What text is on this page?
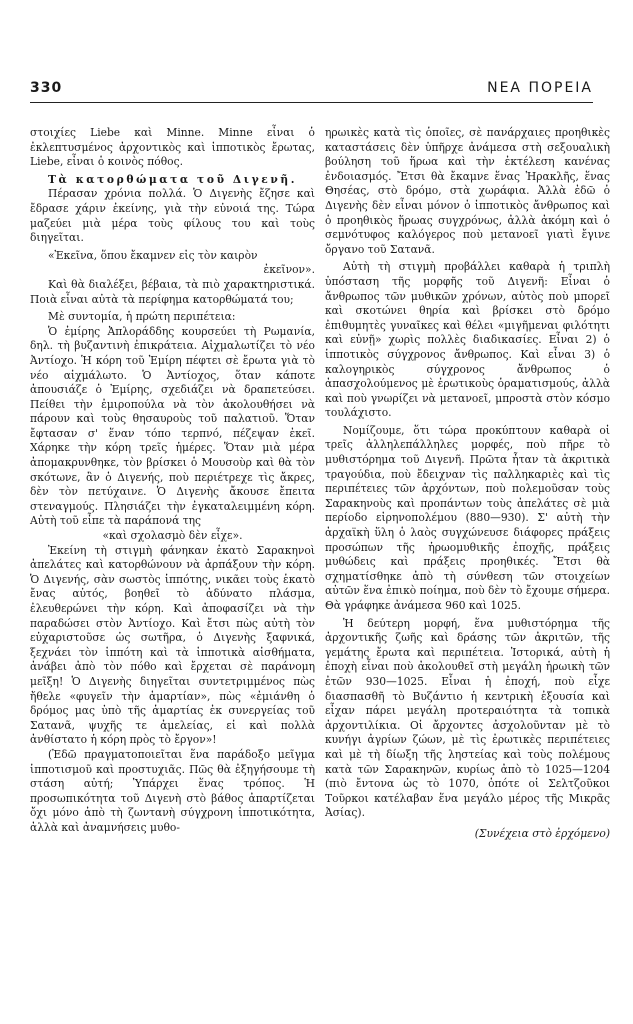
330	ΝΕΑ ΠΟΡΕΙΑ

στοιχίες Liebe καὶ Minne. Minne εἶναι ὁ ἐκλεπτυσμένος ἀρχοντικὸς καὶ ἱπποτικὸς ἔρωτας, Liebe, εἶναι ὁ κοινὸς πόθος.

Τὰ κατορθώματα τοῦ Διγενῆ.

Πέρασαν χρόνια πολλά. Ὁ Διγενὴς ἔζησε καὶ ἔδρασε χάριν ἐκείνης, γιὰ τὴν εὐνοιά της. Τώρα μαζεύει μιὰ μέρα τοὺς φίλους του καὶ τοὺς διηγεῖται.

«Ἐκεῖνα, ὅπου ἔκαμνεν εἰς τὸν καιρὸν

ἐκεῖνον».

Καὶ θὰ διαλέξει, βέβαια, τὰ πιὸ χαρακτηριστικά. Ποιὰ εἶναι αὐτὰ τὰ περίφημα κατορθώματά του;

Μὲ συντομία, ἡ πρώτη περιπέτεια:

Ὁ ἐμίρης Ἀπλοράδδης κουρσεύει τὴ Ρωμανία, δηλ. τὴ βυζαντινὴ ἐπικράτεια. Αἰχμαλωτίζει τὸ νέο Ἀντίοχο. Ἡ κόρη τοῦ Ἐμίρη πέφτει σὲ ἔρωτα γιὰ τὸ νέο αἰχμάλωτο. Ὁ Ἀντίοχος, ὅταν κάποτε ἀπουσιάζε ὁ Ἐμίρης, σχεδιάζει νὰ δραπετεύσει. Πείθει τὴν ἐμιροπούλα νὰ τὸν ἀκολουθήσει νὰ πάρουν καὶ τοὺς θησαυροὺς τοῦ παλατιοῦ. Ὅταν ἔφτασαν σ' ἕναν τόπο τερπνό, πέζεψαν ἐκεῖ. Χάρηκε τὴν κόρη τρεῖς ἡμέρες. Ὅταν μιὰ μέρα ἀπομακρυνθηκε, τὸν βρίσκει ὁ Μουσοὺρ καὶ θὰ τὸν σκότωνε, ἂν ὁ Διγενής, ποὺ περιέτρεχε τὶς ἄκρες, δὲν τὸν πετύχαινε. Ὁ Διγενὴς ἄκουσε ἔπειτα στεναγμούς. Πλησιάζει τὴν ἐγκαταλειμμένη κόρη. Αὐτὴ τοῦ εἶπε τὰ παράπονά της

«καὶ σχολασμὸ δὲν εἶχε».

Ἐκείνη τὴ στιγμὴ φάνηκαν ἑκατὸ Σαρακηνοὶ ἀπελάτες καὶ κατορθώνουν νὰ ἁρπάξουν τὴν κόρη. Ὁ Διγενής, σὰν σωστὸς ἱππότης, νικᾶει τοὺς ἑκατὸ ἔνας αὐτός, βοηθεῖ τὸ ἀδύνατο πλάσμα, ἐλευθερώνει τὴν κόρη. Καὶ ἀποφασίζει νὰ τὴν παραδώσει στὸν Ἀντίοχο. Καὶ ἔτσι πὼς αὐτὴ τὸν εὐχαριστοῦσε ὡς σωτῆρα, ὁ Διγενὴς ξαφνικά, ξεχνάει τὸν ἱππότη καὶ τὰ ἱπποτικὰ αἰσθήματα, ἀνάβει ἀπὸ τὸν πόθο καὶ ἔρχεται σὲ παράνομη μεῖξη! Ὁ Διγενὴς διηγεῖται συντετριμμένος πὼς ἤθελε «φυγεῖν τὴν ἁμαρτίαν», πὼς «ἐμιάνθη ὁ δρόμος μας ὑπὸ τῆς ἁμαρτίας ἐκ συνεργείας τοῦ Σατανᾶ, ψυχῆς τε ἀμελείας, εἰ καὶ πολλὰ ἀνθίστατο ἡ κόρη πρὸς τὸ ἔργον»!

(Ἐδῶ πραγματοποιεῖται ἕνα παράδοξο μεῖγμα ἱπποτισμοῦ καὶ προστυχιᾶς. Πῶς θὰ ἐξηγήσουμε τὴ στάση αὐτή; Ὑπάρχει ἕνας τρόπος. Ἡ προσωπικότητα τοῦ Διγενὴ στὸ βάθος ἀπαρτίζεται ὄχι μόνο ἀπὸ τὴ ζωντανὴ σύγχρονη ἱπποτικότητα, ἀλλὰ καὶ ἀναμνήσεις μυθο-

ηρωικὲς κατὰ τὶς ὁποῖες, σὲ πανάρχαιες προηθικὲς καταστάσεις δὲν ὑπῆρχε ἀνάμεσα στὴ σεξουαλικὴ βούληση τοῦ ἥρωα καὶ τὴν ἐκτέλεση κανένας ἐνδοιασμός. Ἔτσι θὰ ἔκαμνε ἕνας Ἡρακλῆς, ἕνας Θησέας, στὸ δρόμο, στὰ χωράφια. Ἀλλὰ ἐδῶ ὁ Διγενὴς δὲν εἶναι μόνον ὁ ἱπποτικὸς ἄνθρωπος καὶ ὁ προηθικὸς ἥρωας συγχρόνως, ἀλλὰ ἀκόμη καὶ ὁ σεμνότυφος καλόγερος ποὺ μετανοεῖ γιατὶ ἔγινε ὄργανο τοῦ Σατανᾶ.

Αὐτὴ τὴ στιγμὴ προβάλλει καθαρὰ ἡ τριπλὴ ὑπόσταση τῆς μορφῆς τοῦ Διγενῆ: Εἶναι ὁ ἄνθρωπος τῶν μυθικῶν χρόνων, αὐτὸς ποὺ μπορεῖ καὶ σκοτώνει θηρία καὶ βρίσκει στὸ δρόμο ἐπιθυμητὲς γυναῖκες καὶ θέλει «μιγῆμεναι φιλότητι καὶ εὐνῇ» χωρὶς πολλὲς διαδικασίες. Εἶναι 2) ὁ ἱπποτικὸς σύγχρονος ἄνθρωπος. Καὶ εἶναι 3) ὁ καλογηρικὸς σύγχρονος ἄνθρωπος ὁ ἀπασχολούμενος μὲ ἐρωτικοὺς ὁραματισμούς, ἀλλὰ καὶ ποὺ γνωρίζει νὰ μετανοεῖ, μπροστὰ στὸν κόσμο τουλάχιστο.

Νομίζουμε, ὅτι τώρα προκύπτουν καθαρὰ οἱ τρεῖς ἀλληλεπάλληλες μορφές, ποὺ πῆρε τὸ μυθιστόρημα τοῦ Διγενῆ. Πρῶτα ἦταν τὰ ἀκριτικὰ τραγούδια, ποὺ ἔδειχναν τὶς παλληκαριὲς καὶ τὶς περιπέτειες τῶν ἀρχόντων, ποὺ πολεμοῦσαν τοὺς Σαρακηνοὺς καὶ προπάντων τοὺς ἀπελάτες σὲ μιὰ περίοδο εἰρηνοπολέμου (880—930). Σ' αὐτὴ τὴν ἀρχαϊκὴ ὕλη ὁ λαὸς συγχώνευσε διάφορες πράξεις προσώπων τῆς ἡρωομυθικῆς ἐποχῆς, πράξεις μυθώδεις καὶ πράξεις προηθικές. Ἔτσι θὰ σχηματίσθηκε ἀπὸ τὴ σύνθεση τῶν στοιχείων αὐτῶν ἕνα ἐπικὸ ποίημα, ποὺ δὲν τὸ ἔχουμε σήμερα. Θὰ γράφηκε ἀνάμεσα 960 καὶ 1025.

Ἡ δεύτερη μορφή, ἕνα μυθιστόρημα τῆς ἀρχοντικῆς ζωῆς καὶ δράσης τῶν ἀκριτῶν, τῆς γεμάτης ἔρωτα καὶ περιπέτεια. Ἱστορικά, αὐτὴ ἡ ἐποχὴ εἶναι ποὺ ἀκολουθεῖ στὴ μεγάλη ἡρωικὴ τῶν ἐτῶν 930—1025. Εἶναι ἡ ἐποχή, ποὺ εἶχε διασπασθῆ τὸ Βυζάντιο ἡ κεντρικὴ ἐξουσία καὶ εἶχαν πάρει μεγάλη προτεραιότητα τὰ τοπικὰ ἀρχοντιλίκια. Οἱ ἄρχοντες ἀσχολοῦνταν μὲ τὸ κυνήγι ἀγρίων ζώων, μὲ τὶς ἐρωτικὲς περιπέτειες καὶ μὲ τὴ δίωξη τῆς ληστείας καὶ τοὺς πολέμους κατὰ τῶν Σαρακηνῶν, κυρίως ἀπὸ τὸ 1025—1204 (πιὸ ἔντονα ὡς τὸ 1070, ὁπότε οἱ Σελτζοῦκοι Τοῦρκοι κατέλαβαν ἕνα μεγάλο μέρος τῆς Μικρᾶς Ἀσίας).

(Συνέχεια στὸ ἐρχόμενο)
